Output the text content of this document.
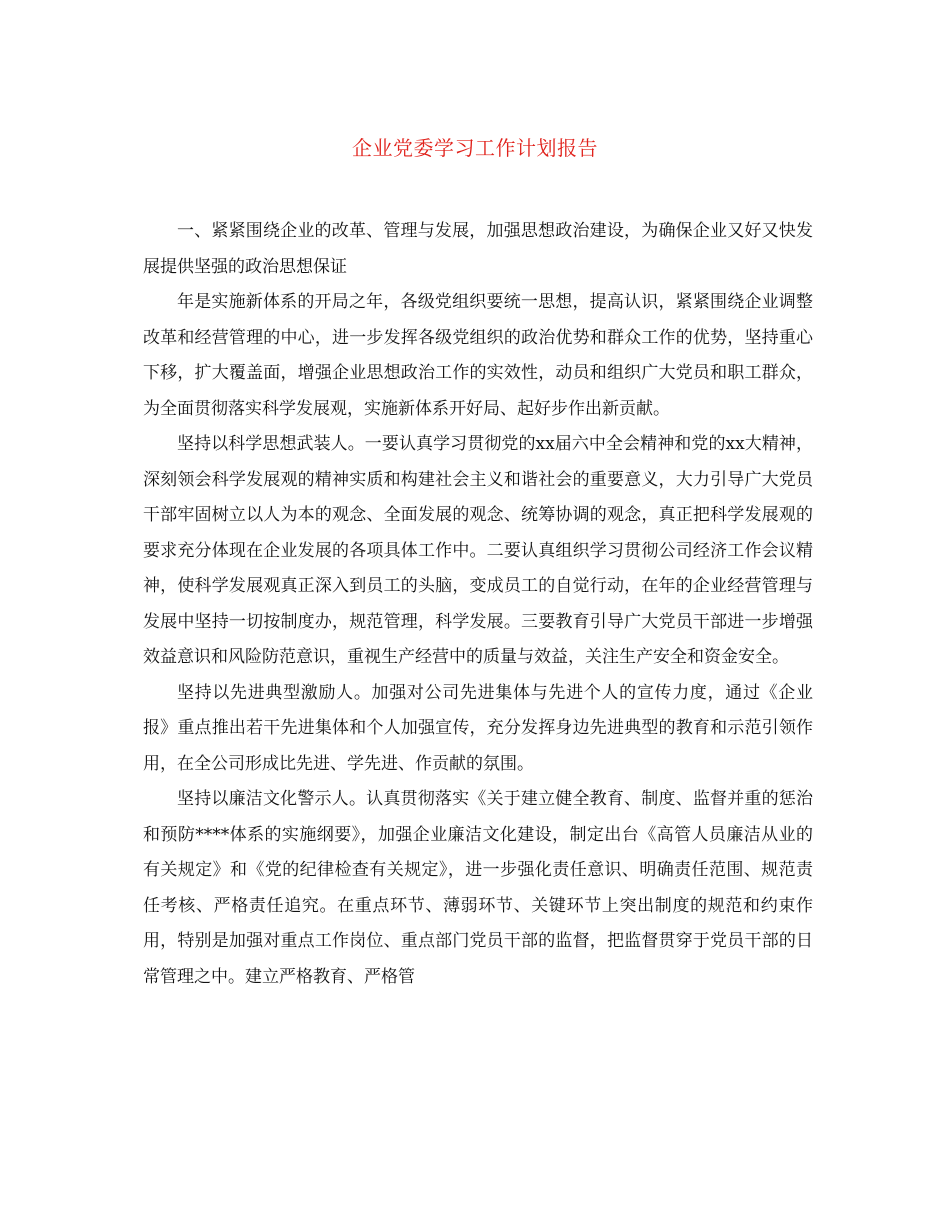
企业党委学习工作计划报告

一、紧紧围绕企业的改革、管理与发展，加强思想政治建设，为确保企业又好又快发展提供坚强的政治思想保证

年是实施新体系的开局之年，各级党组织要统一思想，提高认识，紧紧围绕企业调整改革和经营管理的中心，进一步发挥各级党组织的政治优势和群众工作的优势，坚持重心下移，扩大覆盖面，增强企业思想政治工作的实效性，动员和组织广大党员和职工群众，为全面贯彻落实科学发展观，实施新体系开好局、起好步作出新贡献。

坚持以科学思想武装人。一要认真学习贯彻党的xx届六中全会精神和党的xx大精神，深刻领会科学发展观的精神实质和构建社会主义和谐社会的重要意义，大力引导广大党员干部牢固树立以人为本的观念、全面发展的观念、统筹协调的观念，真正把科学发展观的要求充分体现在企业发展的各项具体工作中。二要认真组织学习贯彻公司经济工作会议精神，使科学发展观真正深入到员工的头脑，变成员工的自觉行动，在年的企业经营管理与发展中坚持一切按制度办，规范管理，科学发展。三要教育引导广大党员干部进一步增强效益意识和风险防范意识，重视生产经营中的质量与效益，关注生产安全和资金安全。

坚持以先进典型激励人。加强对公司先进集体与先进个人的宣传力度，通过《企业报》重点推出若干先进集体和个人加强宣传，充分发挥身边先进典型的教育和示范引领作用，在全公司形成比先进、学先进、作贡献的氛围。

坚持以廉洁文化警示人。认真贯彻落实《关于建立健全教育、制度、监督并重的惩治和预防****体系的实施纲要》，加强企业廉洁文化建设，制定出台《高管人员廉洁从业的有关规定》和《党的纪律检查有关规定》，进一步强化责任意识、明确责任范围、规范责任考核、严格责任追究。在重点环节、薄弱环节、关键环节上突出制度的规范和约束作用，特别是加强对重点工作岗位、重点部门党员干部的监督，把监督贯穿于党员干部的日常管理之中。建立严格教育、严格管
